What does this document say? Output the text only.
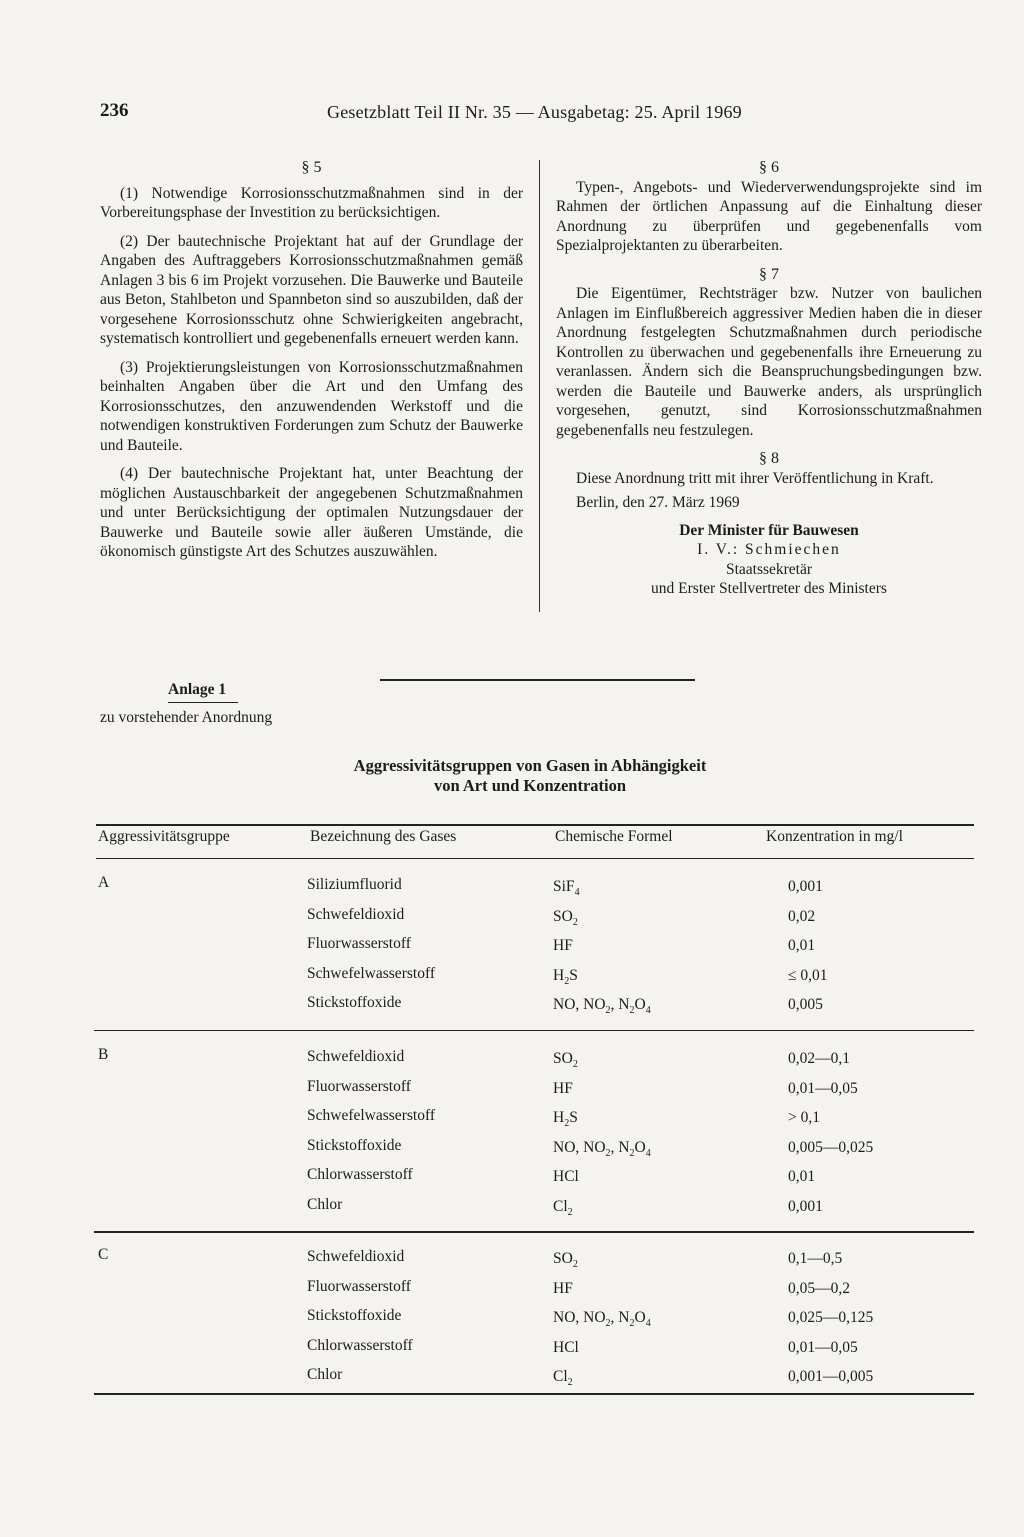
236	Gesetzblatt Teil II Nr. 35 — Ausgabetag: 25. April 1969

§ 5

(1) Notwendige Korrosionsschutzmaßnahmen sind in der Vorbereitungsphase der Investition zu berücksichtigen.

(2) Der bautechnische Projektant hat auf der Grundlage der Angaben des Auftraggebers Korrosionsschutzmaßnahmen gemäß Anlagen 3 bis 6 im Projekt vorzusehen. Die Bauwerke und Bauteile aus Beton, Stahlbeton und Spannbeton sind so auszubilden, daß der vorgesehene Korrosionsschutz ohne Schwierigkeiten angebracht, systematisch kontrolliert und gegebenenfalls erneuert werden kann.

(3) Projektierungsleistungen von Korrosionsschutzmaßnahmen beinhalten Angaben über die Art und den Umfang des Korrosionsschutzes, den anzuwendenden Werkstoff und die notwendigen konstruktiven Forderungen zum Schutz der Bauwerke und Bauteile.

(4) Der bautechnische Projektant hat, unter Beachtung der möglichen Austauschbarkeit der angegebenen Schutzmaßnahmen und unter Berücksichtigung der optimalen Nutzungsdauer der Bauwerke und Bauteile sowie aller äußeren Umstände, die ökonomisch günstigste Art des Schutzes auszuwählen.

§ 6

Typen-, Angebots- und Wiederverwendungsprojekte sind im Rahmen der örtlichen Anpassung auf die Einhaltung dieser Anordnung zu überprüfen und gegebenenfalls vom Spezialprojektanten zu überarbeiten.

§ 7

Die Eigentümer, Rechtsträger bzw. Nutzer von baulichen Anlagen im Einflußbereich aggressiver Medien haben die in dieser Anordnung festgelegten Schutzmaßnahmen durch periodische Kontrollen zu überwachen und gegebenenfalls ihre Erneuerung zu veranlassen. Ändern sich die Beanspruchungsbedingungen bzw. werden die Bauteile und Bauwerke anders, als ursprünglich vorgesehen, genutzt, sind Korrosionsschutzmaßnahmen gegebenenfalls neu festzulegen.

§ 8

Diese Anordnung tritt mit ihrer Veröffentlichung in Kraft.

Berlin, den 27. März 1969

Der Minister für Bauwesen
I. V.: Schmiechen
Staatssekretär
und Erster Stellvertreter des Ministers
Anlage 1
zu vorstehender Anordnung
Aggressivitätsgruppen von Gasen in Abhängigkeit
von Art und Konzentration
Aggressivitätsgruppe	Bezeichnung des Gases	Chemische Formel	Konzentration in mg/l
A	Siliziumfluorid	SiF$_4$	0,001
Schwefeldioxid	$SO_2$	0,02
Fluorwasserstoff	HF	0,01
Schwefelwasserstoff	$H_2S$	≤ 0,01
Stickstoffoxide	NO, $NO_2$, $N_2O_4$	0,005
B	Schwefeldioxid	$SO_2$	0,02—0,1
Fluorwasserstoff	HF	0,01—0,05
Schwefelwasserstoff	$H_2S$	> 0,1
Stickstoffoxide	NO, $NO_2$, $N_2O_4$	0,005—0,025
Chlorwasserstoff	HCl	0,01
Chlor	$Cl_2$	0,001
C	Schwefeldioxid	$SO_2$	0,1—0,5
Fluorwasserstoff	HF	0,05—0,2
Stickstoffoxide	NO, $NO_2$, $N_2O_4$	0,025—0,125
Chlorwasserstoff	HCl	0,01—0,05
Chlor	$Cl_2$	0,001—0,005
